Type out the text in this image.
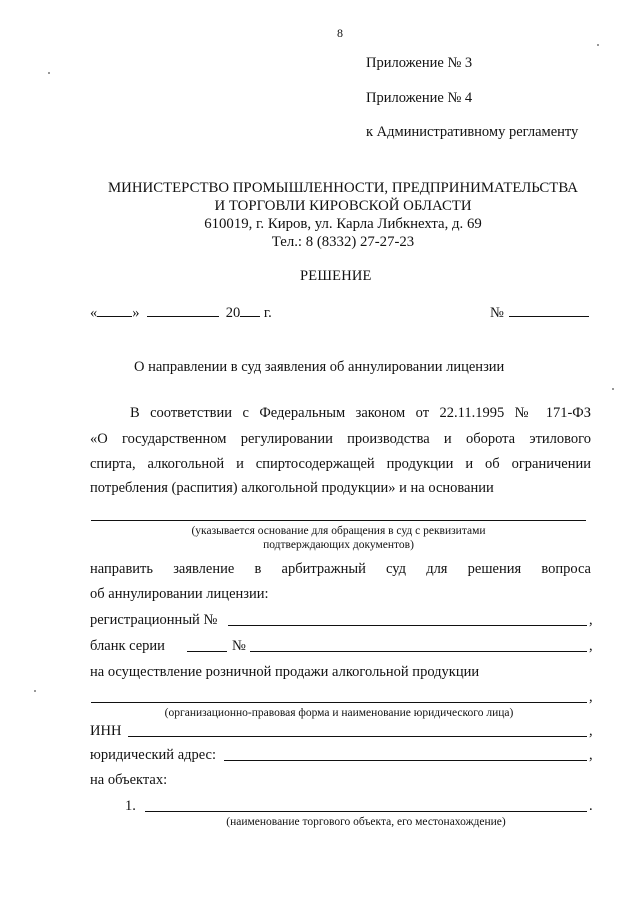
8
Приложение № 3
Приложение № 4
к Административному регламенту
МИНИСТЕРСТВО ПРОМЫШЛЕННОСТИ, ПРЕДПРИНИМАТЕЛЬСТВА
И ТОРГОВЛИ КИРОВСКОЙ ОБЛАСТИ
610019, г. Киров, ул. Карла Либкнехта, д. 69
Тел.: 8 (8332) 27-27-23
РЕШЕНИЕ
« »	20 г.	№
О направлении в суд заявления об аннулировании лицензии
В соответствии с Федеральным законом от 22.11.1995 № 171-ФЗ
«О государственном регулировании производства и оборота этилового
спирта, алкогольной и спиртосодержащей продукции и об ограничении
потребления (распития) алкогольной продукции» и на основании
(указывается основание для обращения в суд с реквизитами
подтверждающих документов)
направить заявление в арбитражный суд для решения вопроса
об аннулировании лицензии:
регистрационный №	,
бланк серии	№	,
на осуществление розничной продажи алкогольной продукции
,
(организационно-правовая форма и наименование юридического лица)
ИНН	,
юридический адрес:	,
на объектах:
1.	.
(наименование торгового объекта, его местонахождение)
